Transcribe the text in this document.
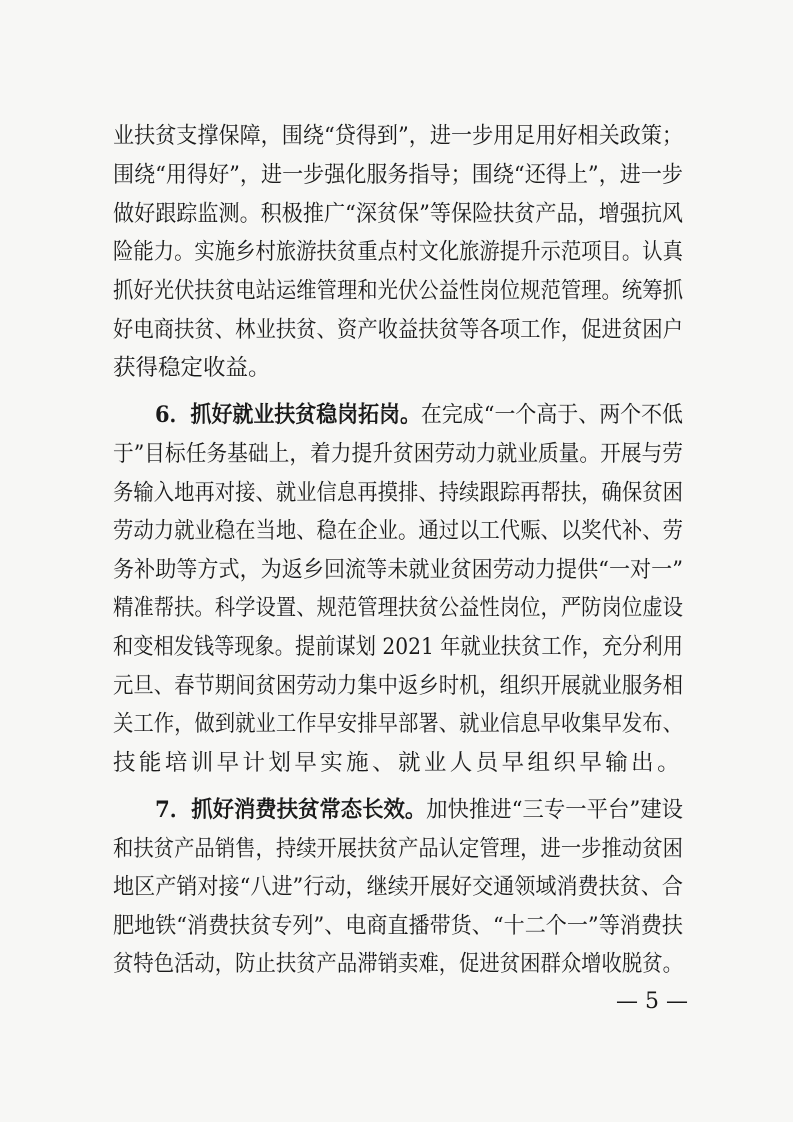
业扶贫支撑保障，围绕“贷得到”，进一步用足用好相关政策；
围绕“用得好”，进一步强化服务指导；围绕“还得上”，进一步
做好跟踪监测。积极推广“深贫保”等保险扶贫产品，增强抗风
险能力。实施乡村旅游扶贫重点村文化旅游提升示范项目。认真
抓好光伏扶贫电站运维管理和光伏公益性岗位规范管理。统筹抓
好电商扶贫、林业扶贫、资产收益扶贫等各项工作，促进贫困户
获得稳定收益。
6．抓好就业扶贫稳岗拓岗。在完成“一个高于、两个不低
于”目标任务基础上，着力提升贫困劳动力就业质量。开展与劳
务输入地再对接、就业信息再摸排、持续跟踪再帮扶，确保贫困
劳动力就业稳在当地、稳在企业。通过以工代赈、以奖代补、劳
务补助等方式，为返乡回流等未就业贫困劳动力提供“一对一”
精准帮扶。科学设置、规范管理扶贫公益性岗位，严防岗位虚设
和变相发钱等现象。提前谋划 2021 年就业扶贫工作，充分利用
元旦、春节期间贫困劳动力集中返乡时机，组织开展就业服务相
关工作，做到就业工作早安排早部署、就业信息早收集早发布、
技能培训早计划早实施、就业人员早组织早输出。
7．抓好消费扶贫常态长效。加快推进“三专一平台”建设
和扶贫产品销售，持续开展扶贫产品认定管理，进一步推动贫困
地区产销对接“八进”行动，继续开展好交通领域消费扶贫、合
肥地铁“消费扶贫专列”、电商直播带货、“十二个一”等消费扶
贫特色活动，防止扶贫产品滞销卖难，促进贫困群众增收脱贫。
— 5 —
